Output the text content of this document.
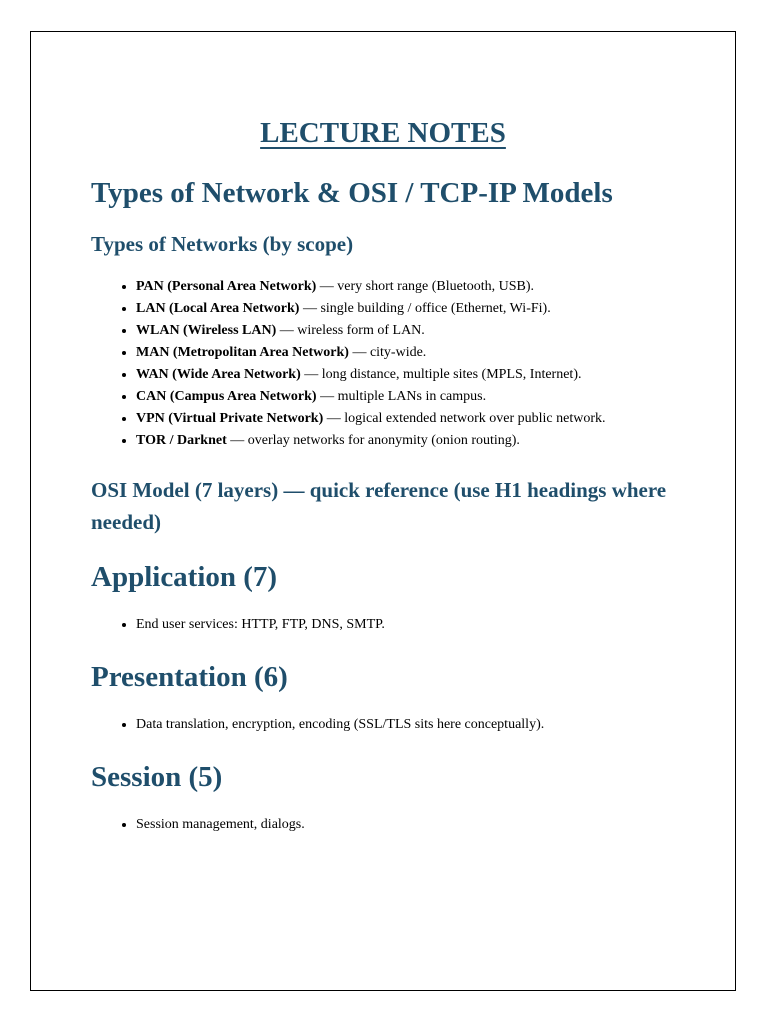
LECTURE NOTES
Types of Network & OSI / TCP-IP Models
Types of Networks (by scope)
• PAN (Personal Area Network) — very short range (Bluetooth, USB).
• LAN (Local Area Network) — single building / office (Ethernet, Wi-Fi).
• WLAN (Wireless LAN) — wireless form of LAN.
• MAN (Metropolitan Area Network) — city-wide.
• WAN (Wide Area Network) — long distance, multiple sites (MPLS, Internet).
• CAN (Campus Area Network) — multiple LANs in campus.
• VPN (Virtual Private Network) — logical extended network over public network.
• TOR / Darknet — overlay networks for anonymity (onion routing).
OSI Model (7 layers) — quick reference (use H1 headings where needed)
Application (7)
• End user services: HTTP, FTP, DNS, SMTP.
Presentation (6)
• Data translation, encryption, encoding (SSL/TLS sits here conceptually).
Session (5)
• Session management, dialogs.
